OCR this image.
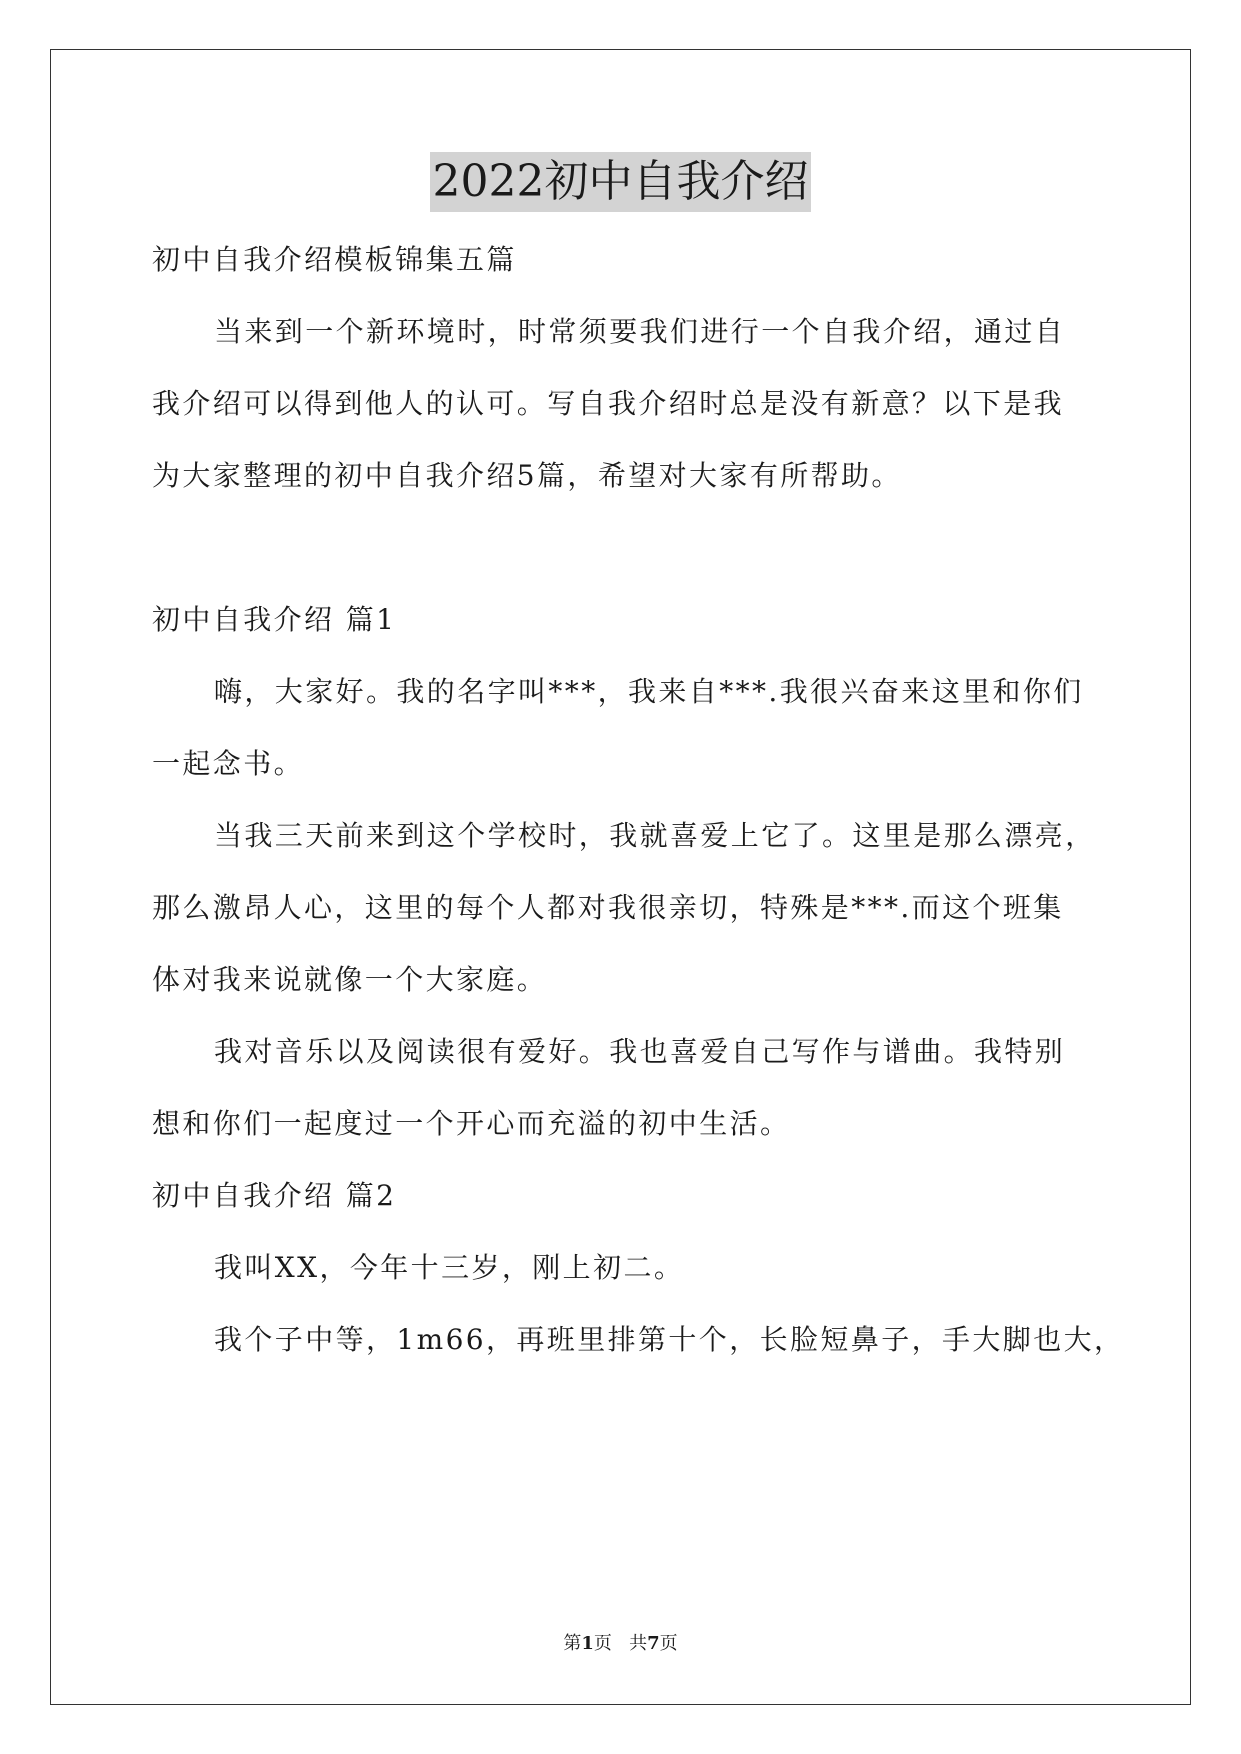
2022初中自我介绍
初中自我介绍模板锦集五篇
当来到一个新环境时，时常须要我们进行一个自我介绍，通过自
我介绍可以得到他人的认可。写自我介绍时总是没有新意？以下是我
为大家整理的初中自我介绍5篇，希望对大家有所帮助。
初中自我介绍 篇1
嗨，大家好。我的名字叫***，我来自***.我很兴奋来这里和你们
一起念书。
当我三天前来到这个学校时，我就喜爱上它了。这里是那么漂亮，
那么激昂人心，这里的每个人都对我很亲切，特殊是***.而这个班集
体对我来说就像一个大家庭。
我对音乐以及阅读很有爱好。我也喜爱自己写作与谱曲。我特别
想和你们一起度过一个开心而充溢的初中生活。
初中自我介绍 篇2
我叫XX，今年十三岁，刚上初二。
我个子中等，1m66，再班里排第十个，长脸短鼻子，手大脚也大，
第1页   共7页
